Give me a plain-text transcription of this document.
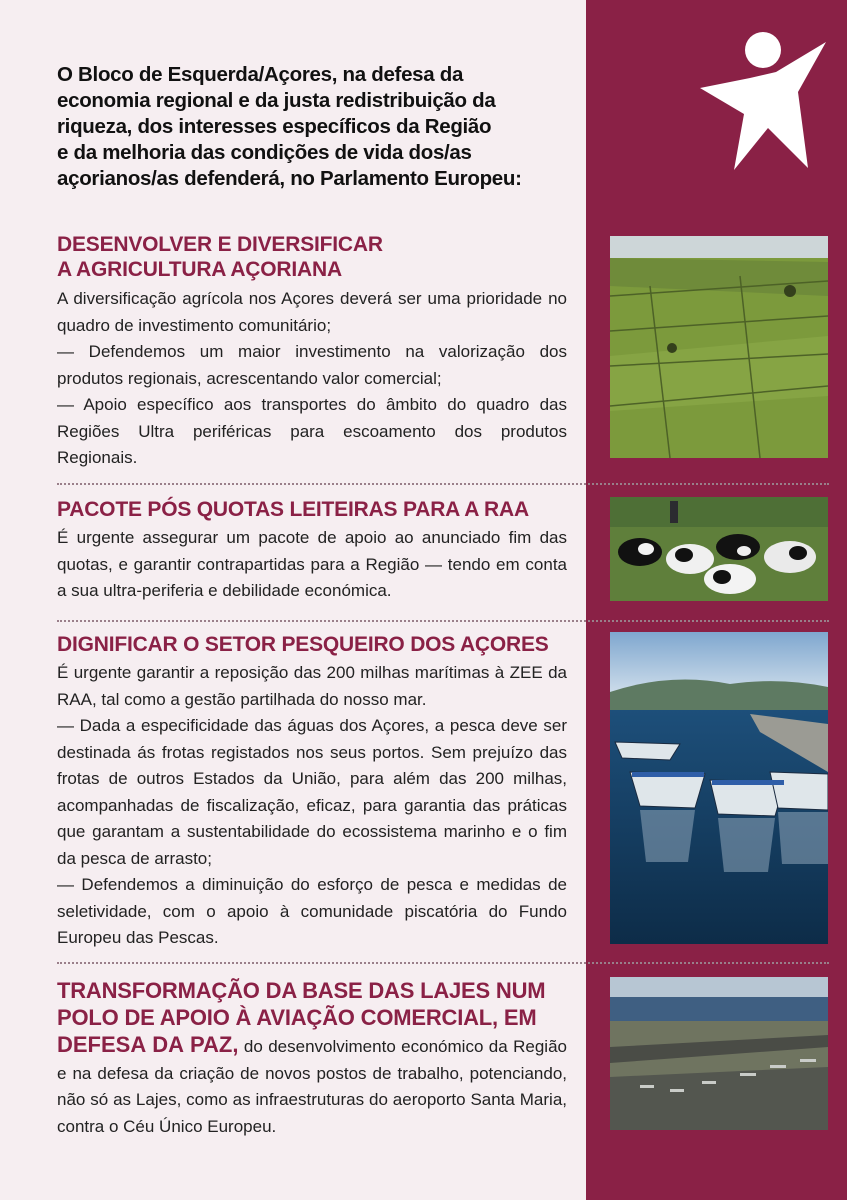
O Bloco de Esquerda/Açores, na defesa da
economia regional e da justa redistribuição da
riqueza, dos interesses específicos da Região
e da melhoria das condições de vida dos/as
açorianos/as defenderá, no Parlamento Europeu:
DESENVOLVER E DIVERSIFICAR
A AGRICULTURA AÇORIANA

A diversificação agrícola nos Açores deverá ser uma prioridade no quadro de investimento comunitário;

— Defendemos um maior investimento na valorização dos produtos regionais, acrescentando valor comercial;

— Apoio específico aos transportes do âmbito do quadro das Regiões Ultra periféricas para escoamento dos produtos Regionais.

PACOTE PÓS QUOTAS LEITEIRAS PARA A RAA

É urgente assegurar um pacote de apoio ao anunciado fim das quotas, e garantir contrapartidas para a Região — tendo em conta a sua ultra-periferia e debilidade económica.

DIGNIFICAR O SETOR PESQUEIRO DOS AÇORES

É urgente garantir a reposição das 200 milhas marítimas à ZEE da RAA, tal como a gestão partilhada do nosso mar.

— Dada a especificidade das águas dos Açores, a pesca deve ser destinada ás frotas registados nos seus portos. Sem prejuízo das frotas de outros Estados da União, para além das 200 milhas, acompanhadas de fiscalização, eficaz, para garantia das práticas que garantam a sustentabilidade do ecossistema marinho e o fim da pesca de arrasto;

— Defendemos a diminuição do esforço de pesca e medidas de seletividade, com o apoio à comunidade piscatória do Fundo Europeu das Pescas.

TRANSFORMAÇÃO DA BASE DAS LAJES NUM
POLO DE APOIO À AVIAÇÃO COMERCIAL, EM

DEFESA DA PAZ, do desenvolvimento económico da Região e na defesa da criação de novos postos de trabalho, potenciando, não só as Lajes, como as infraestruturas do aeroporto Santa Maria, contra o Céu Único Europeu.
